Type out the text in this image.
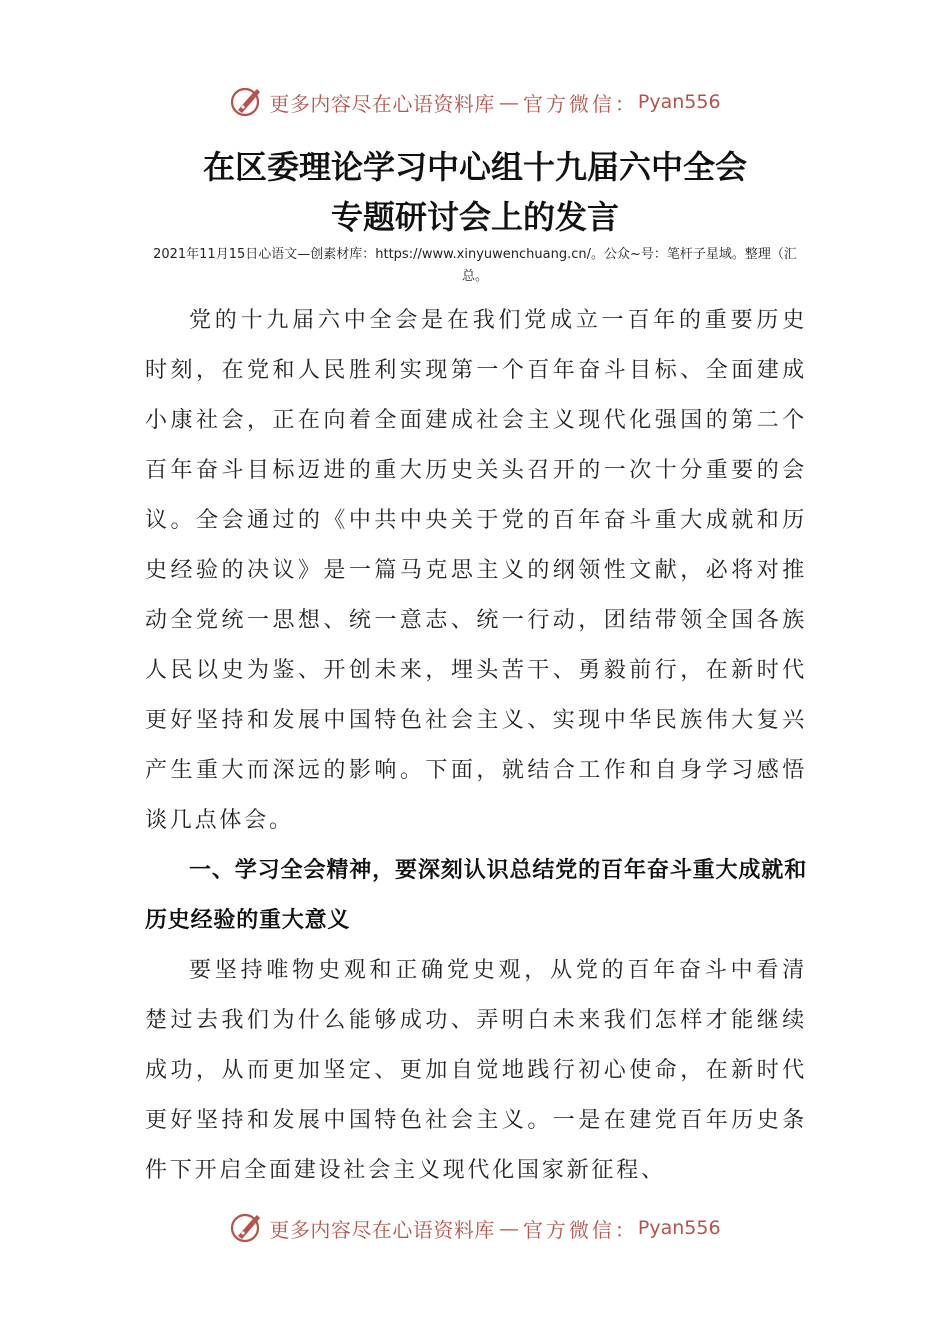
更多内容尽在心语资料库 — 官方微信： Pyan556
在区委理论学习中心组十九届六中全会
专题研讨会上的发言
2021年11月15日心语文—创素材库：https://www.xinyuwenchuang.cn/。公众~号：笔杆子星域。整理（汇总。

党的十九届六中全会是在我们党成立一百年的重要历史时刻，在党和人民胜利实现第一个百年奋斗目标、全面建成小康社会，正在向着全面建成社会主义现代化强国的第二个百年奋斗目标迈进的重大历史关头召开的一次十分重要的会议。全会通过的《中共中央关于党的百年奋斗重大成就和历史经验的决议》是一篇马克思主义的纲领性文献，必将对推动全党统一思想、统一意志、统一行动，团结带领全国各族人民以史为鉴、开创未来，埋头苦干、勇毅前行，在新时代更好坚持和发展中国特色社会主义、实现中华民族伟大复兴产生重大而深远的影响。下面，就结合工作和自身学习感悟谈几点体会。

一、学习全会精神，要深刻认识总结党的百年奋斗重大成就和历史经验的重大意义

要坚持唯物史观和正确党史观，从党的百年奋斗中看清楚过去我们为什么能够成功、弄明白未来我们怎样才能继续成功，从而更加坚定、更加自觉地践行初心使命，在新时代更好坚持和发展中国特色社会主义。一是在建党百年历史条件下开启全面建设社会主义现代化国家新征程、

更多内容尽在心语资料库 — 官方微信： Pyan556
